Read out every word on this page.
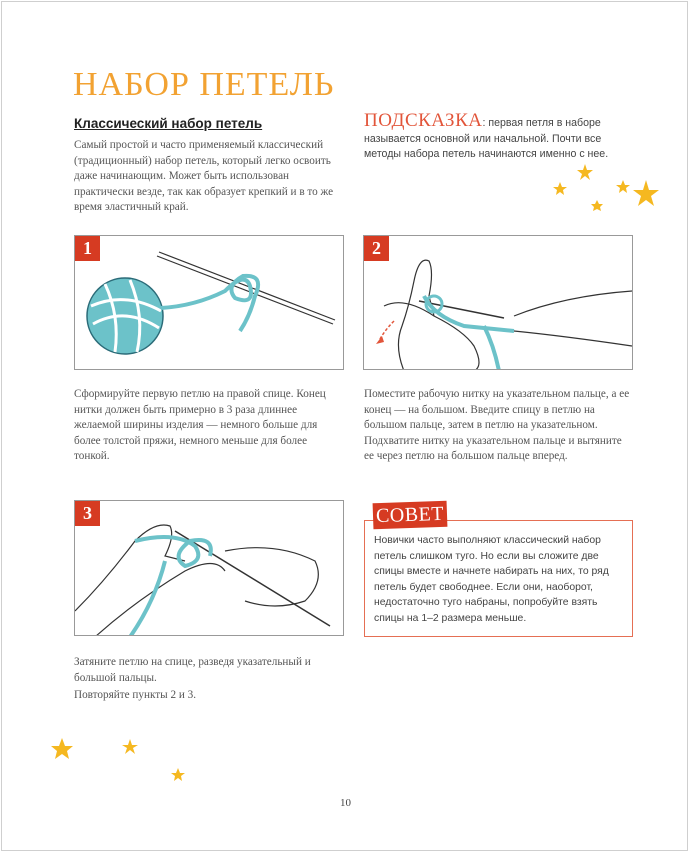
НАБОР ПЕТЕЛЬ
Классический набор петель
Самый простой и часто применяемый классический (традиционный) набор петель, который легко освоить даже начинающим. Может быть использован практически везде, так как образует крепкий и в то же время эластичный край.
ПОДСКАЗКА: первая петля в наборе называется основной или начальной. Почти все методы набора петель начинаются именно с нее.
1	2
Сформируйте первую петлю на правой спице. Конец нитки должен быть примерно в 3 раза длиннее желаемой ширины изделия — немного больше для более толстой пряжи, немного меньше для более тонкой.
Поместите рабочую нитку на указательном пальце, а ее конец — на большом. Введите спицу в петлю на большом пальце, затем в петлю на указательном. Подхватите нитку на указательном пальце и вытяните ее через петлю на большом пальце вперед.
3
Затяните петлю на спице, разведя указательный и большой пальцы.
Повторяйте пункты 2 и 3.
СОВЕТ
Новички часто выполняют классический набор петель слишком туго. Но если вы сложите две спицы вместе и начнете набирать на них, то ряд петель будет свободнее. Если они, наоборот, недостаточно туго набраны, попробуйте взять спицы на 1–2 размера меньше.
10
